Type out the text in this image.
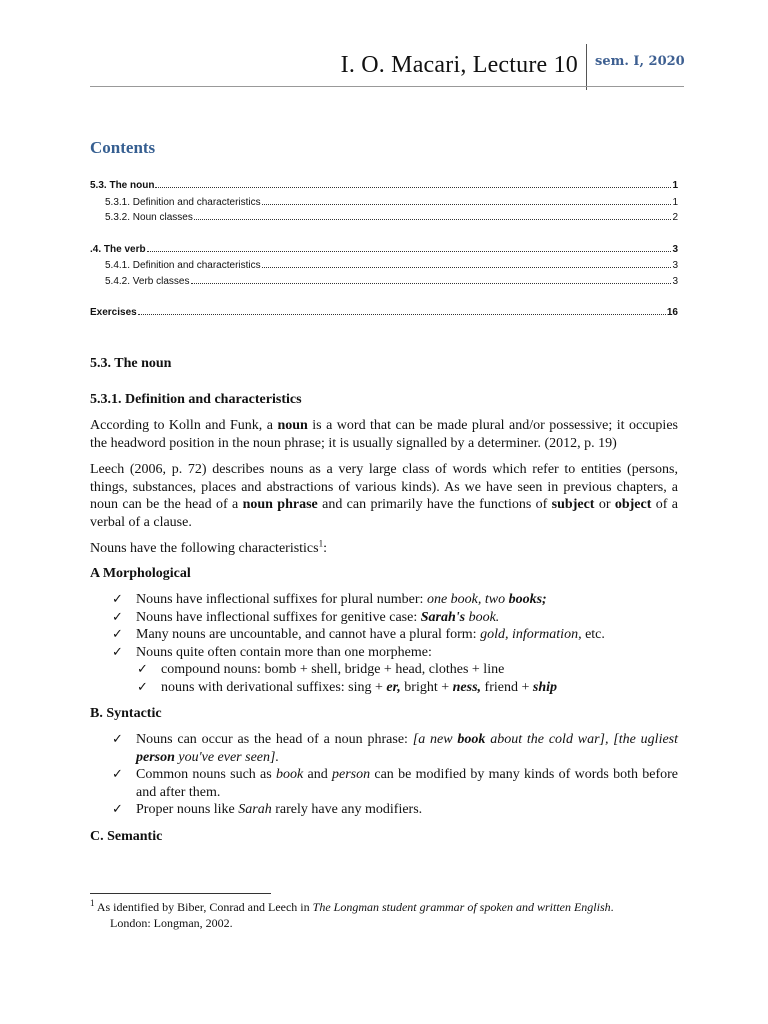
I. O. Macari, Lecture 10 sem. I, 2020
Contents
5.3. The noun	1
5.3.1. Definition and characteristics	1
5.3.2. Noun classes	2
.4. The verb	3
5.4.1. Definition and characteristics	3
5.4.2. Verb classes	3
Exercises	16
5.3. The noun
5.3.1. Definition and characteristics
According to Kolln and Funk, a noun is a word that can be made plural and/or possessive; it occupies the headword position in the noun phrase; it is usually signalled by a determiner. (2012, p. 19)
Leech (2006, p. 72) describes nouns as a very large class of words which refer to entities (persons, things, substances, places and abstractions of various kinds). As we have seen in previous chapters, a noun can be the head of a noun phrase and can primarily have the functions of subject or object of a verbal of a clause.
Nouns have the following characteristics$^1$:
A Morphological
✓ Nouns have inflectional suffixes for plural number: one book, two books;
✓ Nouns have inflectional suffixes for genitive case: Sarah's book.
✓ Many nouns are uncountable, and cannot have a plural form: gold, information, etc.
✓ Nouns quite often contain more than one morpheme:
✓ compound nouns: bomb + shell, bridge + head, clothes + line
✓ nouns with derivational suffixes: sing + er, bright + ness, friend + ship
B. Syntactic
✓ Nouns can occur as the head of a noun phrase: [a new book about the cold war], [the ugliest person you've ever seen].
✓ Common nouns such as book and person can be modified by many kinds of words both before and after them.
✓ Proper nouns like Sarah rarely have any modifiers.
C. Semantic
$^1$ As identified by Biber, Conrad and Leech in The Longman student grammar of spoken and written English.
London: Longman, 2002.
